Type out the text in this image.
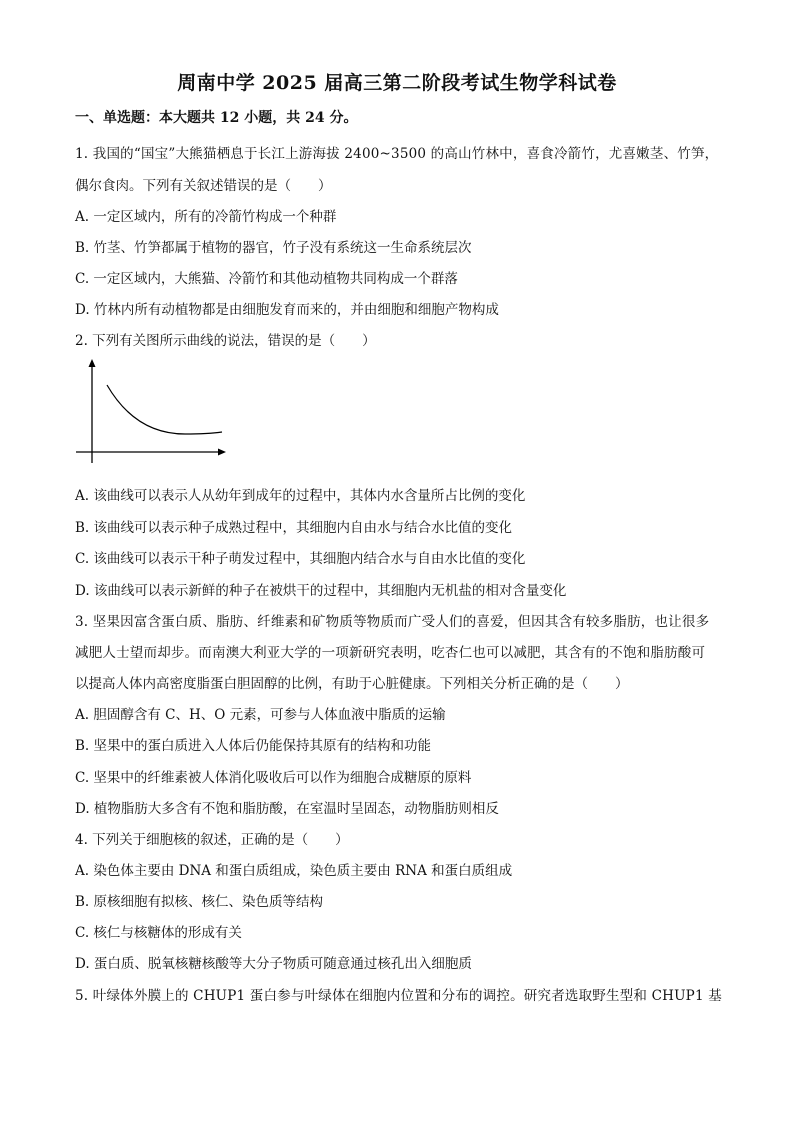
周南中学 2025 届高三第二阶段考试生物学科试卷
一、单选题：本大题共 12 小题，共 24 分。
1. 我国的“国宝”大熊猫栖息于长江上游海拔 2400~3500 的高山竹林中，喜食冷箭竹，尤喜嫩茎、竹笋，
偶尔食肉。下列有关叙述错误的是（　　）
A. 一定区域内，所有的冷箭竹构成一个种群
B. 竹茎、竹笋都属于植物的器官，竹子没有系统这一生命系统层次
C. 一定区域内，大熊猫、冷箭竹和其他动植物共同构成一个群落
D. 竹林内所有动植物都是由细胞发育而来的，并由细胞和细胞产物构成
2. 下列有关图所示曲线的说法，错误的是（　　）
A. 该曲线可以表示人从幼年到成年的过程中，其体内水含量所占比例的变化
B. 该曲线可以表示种子成熟过程中，其细胞内自由水与结合水比值的变化
C. 该曲线可以表示干种子萌发过程中，其细胞内结合水与自由水比值的变化
D. 该曲线可以表示新鲜的种子在被烘干的过程中，其细胞内无机盐的相对含量变化
3. 坚果因富含蛋白质、脂肪、纤维素和矿物质等物质而广受人们的喜爱，但因其含有较多脂肪，也让很多
减肥人士望而却步。而南澳大利亚大学的一项新研究表明，吃杏仁也可以减肥，其含有的不饱和脂肪酸可
以提高人体内高密度脂蛋白胆固醇的比例，有助于心脏健康。下列相关分析正确的是（　　）
A. 胆固醇含有 C、H、O 元素，可参与人体血液中脂质的运输
B. 坚果中的蛋白质进入人体后仍能保持其原有的结构和功能
C. 坚果中的纤维素被人体消化吸收后可以作为细胞合成糖原的原料
D. 植物脂肪大多含有不饱和脂肪酸，在室温时呈固态，动物脂肪则相反
4. 下列关于细胞核的叙述，正确的是（　　）
A. 染色体主要由 DNA 和蛋白质组成，染色质主要由 RNA 和蛋白质组成
B. 原核细胞有拟核、核仁、染色质等结构
C. 核仁与核糖体的形成有关
D. 蛋白质、脱氧核糖核酸等大分子物质可随意通过核孔出入细胞质
5. 叶绿体外膜上的 CHUP1 蛋白参与叶绿体在细胞内位置和分布的调控。研究者选取野生型和 CHUP1 基
